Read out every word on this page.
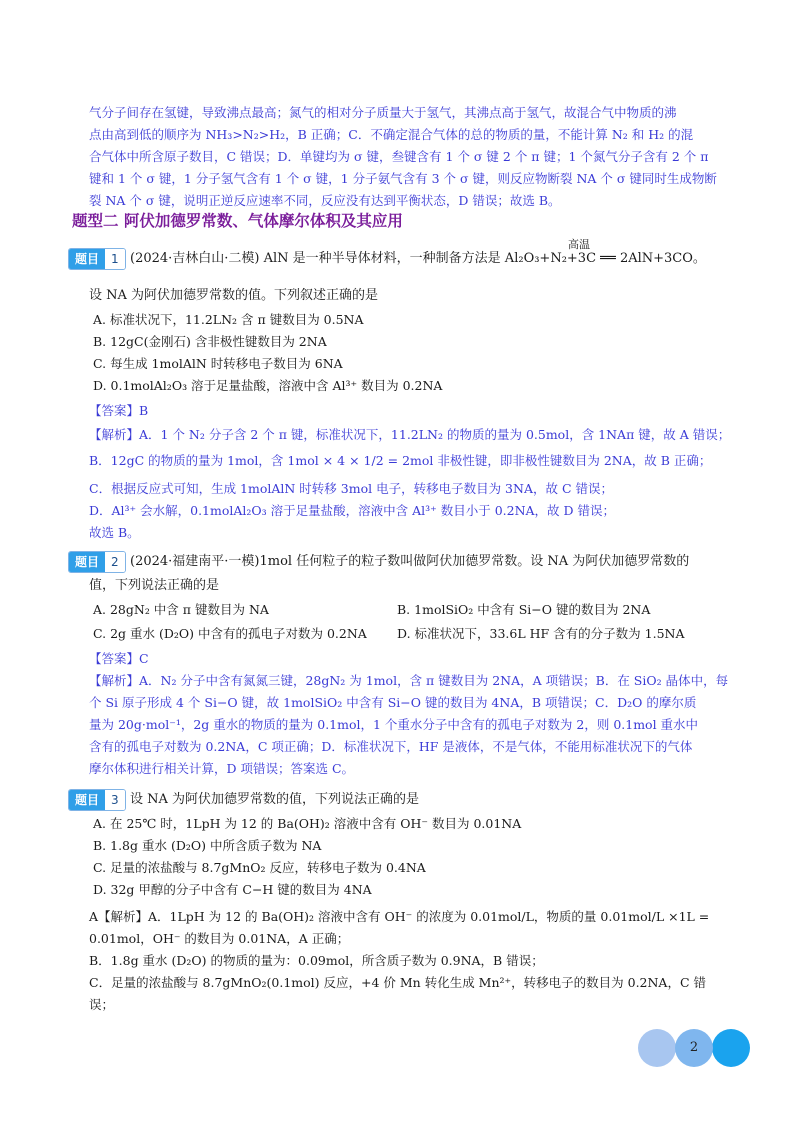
气分子间存在氢键，导致沸点最高；氮气的相对分子质量大于氢气，其沸点高于氢气，故混合气中物质的沸
点由高到低的顺序为 NH₃>N₂>H₂，B 正确；C．不确定混合气体的总的物质的量，不能计算 N₂ 和 H₂ 的混
合气体中所含原子数目，C 错误；D．单键均为 σ 键，叁键含有 1 个 σ 键 2 个 π 键；1 个氮气分子含有 2 个 π
键和 1 个 σ 键，1 分子氢气含有 1 个 σ 键，1 分子氨气含有 3 个 σ 键，则反应物断裂 NA 个 σ 键同时生成物断
裂 NA 个 σ 键，说明正逆反应速率不同，反应没有达到平衡状态，D 错误；故选 B。
题型二 阿伏加德罗常数、气体摩尔体积及其应用
题目	1
高温
(2024·吉林白山·二模) AlN 是一种半导体材料，一种制备方法是 Al₂O₃+N₂+3C ══ 2AlN+3CO。
设 NA 为阿伏加德罗常数的值。下列叙述正确的是
A. 标准状况下，11.2LN₂ 含 π 键数目为 0.5NA
B. 12gC(金刚石) 含非极性键数目为 2NA
C. 每生成 1molAlN 时转移电子数目为 6NA
D. 0.1molAl₂O₃ 溶于足量盐酸，溶液中含 Al³⁺ 数目为 0.2NA
【答案】B
【解析】A．1 个 N₂ 分子含 2 个 π 键，标准状况下，11.2LN₂ 的物质的量为 0.5mol，含 1NAπ 键，故 A 错误；
B．12gC 的物质的量为 1mol，含 1mol × 4 × 1/2 = 2mol 非极性键，即非极性键数目为 2NA，故 B 正确；
C．根据反应式可知，生成 1molAlN 时转移 3mol 电子，转移电子数目为 3NA，故 C 错误；
D．Al³⁺ 会水解，0.1molAl₂O₃ 溶于足量盐酸，溶液中含 Al³⁺ 数目小于 0.2NA，故 D 错误；
故选 B。
题目	2 (2024·福建南平·一模)1mol 任何粒子的粒子数叫做阿伏加德罗常数。设 NA 为阿伏加德罗常数的
值，下列说法正确的是
A. 28gN₂ 中含 π 键数目为 NA	B. 1molSiO₂ 中含有 Si−O 键的数目为 2NA
C. 2g 重水 (D₂O) 中含有的孤电子对数为 0.2NA D. 标准状况下，33.6L HF 含有的分子数为 1.5NA
【答案】C
【解析】A．N₂ 分子中含有氮氮三键，28gN₂ 为 1mol，含 π 键数目为 2NA，A 项错误；B．在 SiO₂ 晶体中，每
个 Si 原子形成 4 个 Si−O 键，故 1molSiO₂ 中含有 Si−O 键的数目为 4NA，B 项错误；C．D₂O 的摩尔质
量为 20g·mol⁻¹，2g 重水的物质的量为 0.1mol，1 个重水分子中含有的孤电子对数为 2，则 0.1mol 重水中
含有的孤电子对数为 0.2NA，C 项正确；D．标准状况下，HF 是液体，不是气体，不能用标准状况下的气体
摩尔体积进行相关计算，D 项错误；答案选 C。
题目	3 设 NA 为阿伏加德罗常数的值，下列说法正确的是
A. 在 25℃ 时，1LpH 为 12 的 Ba(OH)₂ 溶液中含有 OH⁻ 数目为 0.01NA
B. 1.8g 重水 (D₂O) 中所含质子数为 NA
C. 足量的浓盐酸与 8.7gMnO₂ 反应，转移电子数为 0.4NA
D. 32g 甲醇的分子中含有 C−H 键的数目为 4NA
A【解析】A．1LpH 为 12 的 Ba(OH)₂ 溶液中含有 OH⁻ 的浓度为 0.01mol/L，物质的量 0.01mol/L ×1L =
0.01mol，OH⁻ 的数目为 0.01NA，A 正确；
B．1.8g 重水 (D₂O) 的物质的量为：0.09mol，所含质子数为 0.9NA，B 错误；
C．足量的浓盐酸与 8.7gMnO₂(0.1mol) 反应，+4 价 Mn 转化生成 Mn²⁺，转移电子的数目为 0.2NA，C 错
误；
2
